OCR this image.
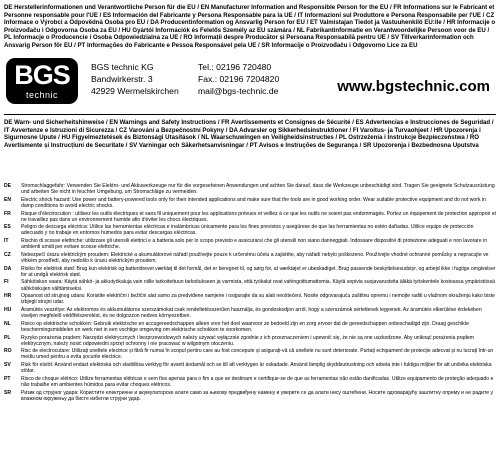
DE Herstellerinformationen und Verantwortliche Person für die EU / EN Manufacturer Information and Responsible Person for the EU / FR Informations sur le Fabricant et Personne responsable pour l'UE / ES Información del Fabricante y Persona Responsable para la UE / IT Informazioni sul Produttore e Persona Responsabile per l'UE / CZ Informace o Výrobci a Odpovědná Osoba pro EU / DA Producentinformation og Ansvarlig Person for EU / ET Valmistajan Tiedot ja Vastuuhenkilö EU:lle / HR Informacije o Proizvođaču i Odgovorna Osoba za EU / HU Gyártói Információk és Felelős Személy az EU számára / NL Fabrikantinformatie en Verantwoordelijke Persoon voor de EU / PL Informacje o Producencie i Osoba Odpowiedzialna za UE / RO Informații despre Producător și Persoana Responsabilă pentru UE / SV Tillverkarinformation och Ansvarig Person för EU / PT Informações do Fabricante e Pessoa Responsável pela UE / SR Informacije o Proizvođaču i Odgovorno Lice za EU
BGS
technic
BGS technic KG
Bandwirkerstr. 3
42929 Wermelskirchen
Tel.: 02196 720480
Fax.: 02196 7204820
mail@bgs-technic.de	www.bgstechnic.com
DE Warn- und Sicherheitshinweise / EN Warnings and Safety Instructions / FR Avertissements et Consignes de Sécurité / ES Advertencias e Instrucciones de Seguridad / IT Avvertenze e Istruzioni di Sicurezza / CZ Varování a Bezpečnostní Pokyny / DA Advarsler og Sikkerhedsinstruktioner / FI Varoitus- ja Turvaohjeet / HR Upozorenja i Sigurnosne Upute / HU Figyelmeztetések és Biztonsági Utasítások / NL Waarschuwingen en Veiligheidsinstructies / PL Ostrzeżenia i Instrukcje Bezpieczeństwa / RO Avertismente și Instrucțiuni de Securitate / SV Varningar och Säkerhetsanvisningar / PT Avisos e Instruções de Segurança / SR Upozorenja i Bezbednosna Uputstva
DE	Stromschlaggefahr: Verwenden Sie Elektro- und Akkuwerkzeuge nur für die vorgesehenen Anwendungen und achten Sie darauf, dass die Werkzeuge unbeschädigt sind. Tragen Sie geeignete Schutzausrüstung und arbeiten Sie nicht in feuchter Umgebung, um Stromschläge zu vermeiden.
EN	Electric shock hazard: Use power and battery-powered tools only for their intended applications and make sure that the tools are in good working order. Wear suitable protective equipment and do not work in damp conditions to avoid electric shocks.
FR	Risque d'électrocution : utilisez les outils électriques et sans fil uniquement pour les applications prévues et veillez à ce que les outils ne soient pas endommagés. Portez un équipement de protection approprié et ne travaillez pas dans un environnement humide afin d'éviter les chocs électriques.
ES	Peligro de descarga eléctrica: Utilice las herramientas eléctricas e inalámbricas únicamente para los fines previstos y asegúrese de que las herramientas no estén dañadas. Utilice equipo de protección adecuado y no trabaje en entornos húmedos para evitar descargas eléctricas.
IT	Rischio di scosse elettriche: utilizzare gli utensili elettrici e a batteria solo per lo scopo previsto e assicurarsi che gli utensili non siano danneggiati. Indossare dispositivi di protezione adeguati e non lavorare in ambienti umidi per evitare scosse elettriche.
CZ	Nebezpečí úrazu elektrickým proudem: Elektrické a akumulátorové nářadí používejte pouze k určenému účelu a zajistěte, aby nářadí nebylo poškozeno. Používejte vhodné ochranné pomůcky a nepracujte ve vlhkém prostředí, aby nedošlo k úrazu elektrickým proudem.
DA	Risiko for elektrisk stød: Brug kun elektrisk og batteridrevet værktøj til det formål, det er beregnet til, og sørg for, at værktøjet er ubeskadiget. Brug passende beskyttelsesudstyr, og arbejd ikke i fugtige omgivelser for at undgå elektrisk stød.
FI	Sähköiskun vaara: Käytä sähkö- ja akkutyökaluja vain niille tarkoitettuun tarkoitukseen ja varmista, että työkalut ovat vahingoittumattomia. Käytä sopivia suojavarusteita äläkä työskentele kosteassa ympäristössä sähköiskujen välttämiseksi.
HR	Opasnost od strujnog udara: Koristite električni i bežični alat samo za predviđene namjene i osigurajte da su alati neoštećeni. Nosite odgovarajuću zaštitnu opremu i nemojte raditi u vlažnom okruženju kako biste izbjegli strujni udar.
HU	Áramütés veszélye: Az elektromos és akkumulátoros szerszámokat csak rendeltetésszerűen használja, és gondoskodjon arról, hogy a szerszámok sértetlenek legyenek. Az áramütés elkerülése érdekében viseljen megfelelő védőfelszerelést, és ne dolgozzon nedves környezetben.
NL	Risico op elektrische schokken: Gebruik elektrische en accugereedschappen alleen voor het doel waarvoor ze bedoeld zijn en zorg ervoor dat de gereedschappen onbeschadigd zijn. Draag geschikte beschermingsmiddelen en werk niet in een vochtige omgeving om elektrische schokken te voorkomen.
PL	Ryzyko porażenia prądem: Narzędzi elektrycznych i bezprzewodowych należy używać wyłącznie zgodnie z ich przeznaczeniem i upewnić się, że nie są one uszkodzone. Aby uniknąć porażenia prądem elektrycznym, należy nosić odpowiedni sprzęt ochronny i nie pracować w wilgotnym otoczeniu.
RO	Risc de electrocutare: Utilizați uneltele electrice și fără fir numai în scopul pentru care au fost concepute și asigurați-vă că uneltele nu sunt deteriorate. Purtați echipament de protecție adecvat și nu lucrați într-un mediu umed pentru a evita șocurile electrice.
SV	Risk för elstöt: Använd endast elektriska och sladdlösa verktyg för avsett ändamål och se till att verktygen är oskadade. Använd lämplig skyddsutrustning och arbeta inte i fuktiga miljöer för att undvika elektriska stötar.
PT	Risco de choque elétrico: Utilize ferramentas elétricas e sem fios apenas para o fim a que se destinam e certifique-se de que as ferramentas não estão danificadas. Utilize equipamento de proteção adequado e não trabalhe em ambientes húmidos para evitar choques elétricos.
SR	Ризик од струјног удара: Користите електричне и акумулаторске алате само за њихову предвиђену намену и уверите се да алати нису оштећени. Носите одговарајућу заштитну опрему и не радите у влажном окружењу да бисте избегли струјни удар.
